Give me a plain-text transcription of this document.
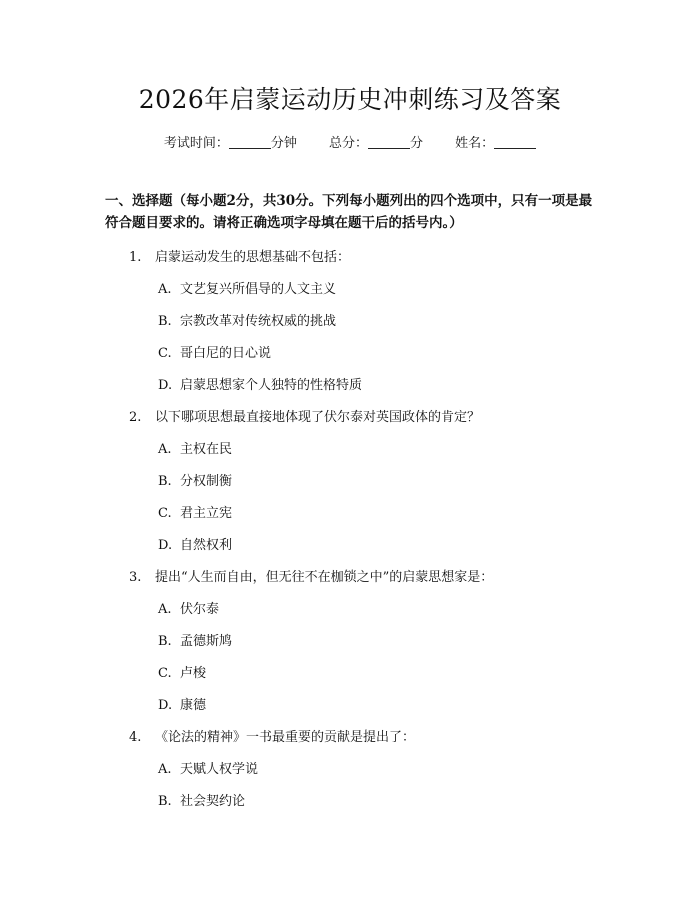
2026年启蒙运动历史冲刺练习及答案
考试时间：	分钟 总分：	分 姓名：

一、选择题（每小题2分，共30分。下列每小题列出的四个选项中，只有一项是最符合题目要求的。请将正确选项字母填在题干后的括号内。）

1. 启蒙运动发生的思想基础不包括：
A. 文艺复兴所倡导的人文主义
B. 宗教改革对传统权威的挑战
C. 哥白尼的日心说
D. 启蒙思想家个人独特的性格特质
2. 以下哪项思想最直接地体现了伏尔泰对英国政体的肯定？
A. 主权在民
B. 分权制衡
C. 君主立宪
D. 自然权利
3. 提出“人生而自由，但无往不在枷锁之中”的启蒙思想家是：
A. 伏尔泰
B. 孟德斯鸠
C. 卢梭
D. 康德
4. 《论法的精神》一书最重要的贡献是提出了：
A. 天赋人权学说
B. 社会契约论
